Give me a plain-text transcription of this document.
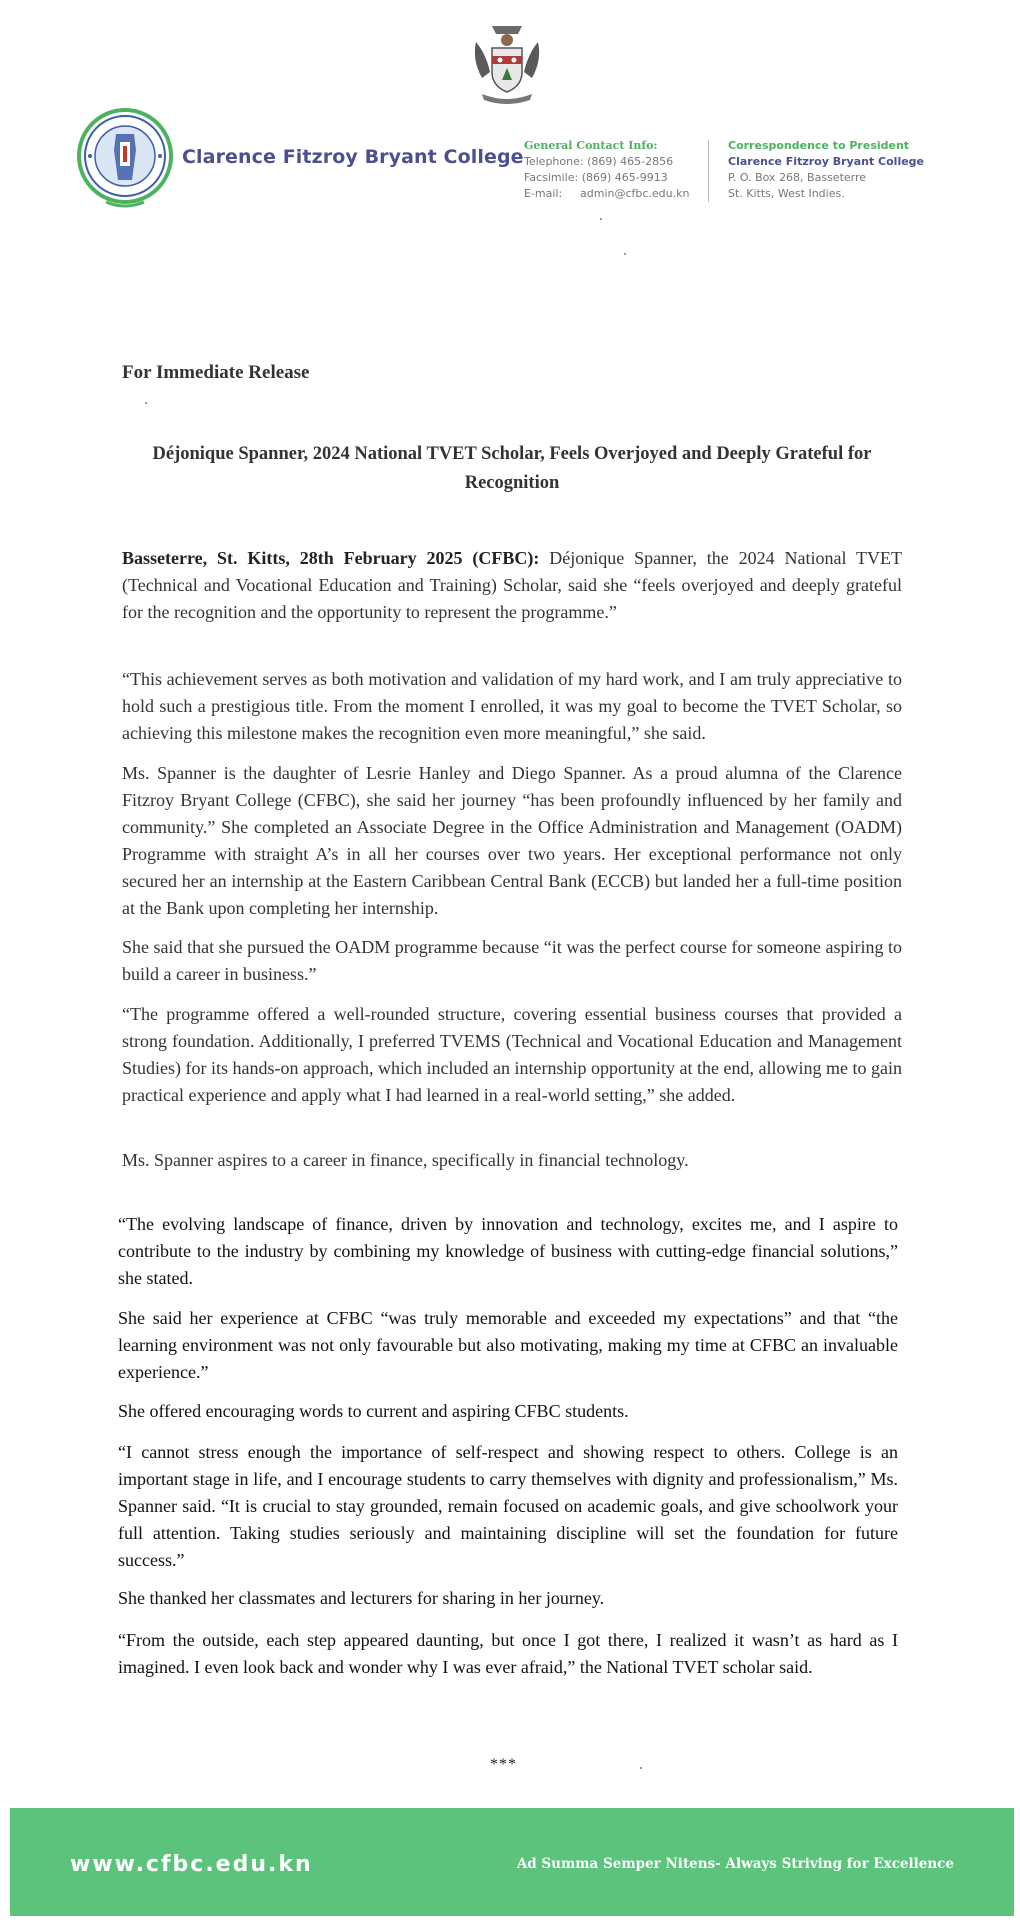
Clarence Fitzroy Bryant College
General Contact Info:
Telephone: (869) 465-2856
Facsimile: (869) 465-9913
E-mail: admin@cfbc.edu.kn
Correspondence to President
Clarence Fitzroy Bryant College
P. O. Box 268, Basseterre
St. Kitts, West Indies.
For Immediate Release
Déjonique Spanner, 2024 National TVET Scholar, Feels Overjoyed and Deeply Grateful for Recognition

Basseterre, St. Kitts, 28th February 2025 (CFBC): Déjonique Spanner, the 2024 National TVET (Technical and Vocational Education and Training) Scholar, said she “feels overjoyed and deeply grateful for the recognition and the opportunity to represent the programme.”

“This achievement serves as both motivation and validation of my hard work, and I am truly appreciative to hold such a prestigious title. From the moment I enrolled, it was my goal to become the TVET Scholar, so achieving this milestone makes the recognition even more meaningful,” she said.

Ms. Spanner is the daughter of Lesrie Hanley and Diego Spanner. As a proud alumna of the Clarence Fitzroy Bryant College (CFBC), she said her journey “has been profoundly influenced by her family and community.” She completed an Associate Degree in the Office Administration and Management (OADM) Programme with straight A’s in all her courses over two years. Her exceptional performance not only secured her an internship at the Eastern Caribbean Central Bank (ECCB) but landed her a full-time position at the Bank upon completing her internship.

She said that she pursued the OADM programme because “it was the perfect course for someone aspiring to build a career in business.”

“The programme offered a well-rounded structure, covering essential business courses that provided a strong foundation. Additionally, I preferred TVEMS (Technical and Vocational Education and Management Studies) for its hands-on approach, which included an internship opportunity at the end, allowing me to gain practical experience and apply what I had learned in a real-world setting,” she added.

Ms. Spanner aspires to a career in finance, specifically in financial technology.

“The evolving landscape of finance, driven by innovation and technology, excites me, and I aspire to contribute to the industry by combining my knowledge of business with cutting-edge financial solutions,” she stated.

She said her experience at CFBC “was truly memorable and exceeded my expectations” and that “the learning environment was not only favourable but also motivating, making my time at CFBC an invaluable experience.”

She offered encouraging words to current and aspiring CFBC students.

“I cannot stress enough the importance of self-respect and showing respect to others. College is an important stage in life, and I encourage students to carry themselves with dignity and professionalism,” Ms. Spanner said. “It is crucial to stay grounded, remain focused on academic goals, and give schoolwork your full attention. Taking studies seriously and maintaining discipline will set the foundation for future success.”

She thanked her classmates and lecturers for sharing in her journey.

“From the outside, each step appeared daunting, but once I got there, I realized it wasn’t as hard as I imagined. I even look back and wonder why I was ever afraid,” the National TVET scholar said.

***
www.cfbc.edu.kn	Ad Summa Semper Nitens- Always Striving for Excellence
